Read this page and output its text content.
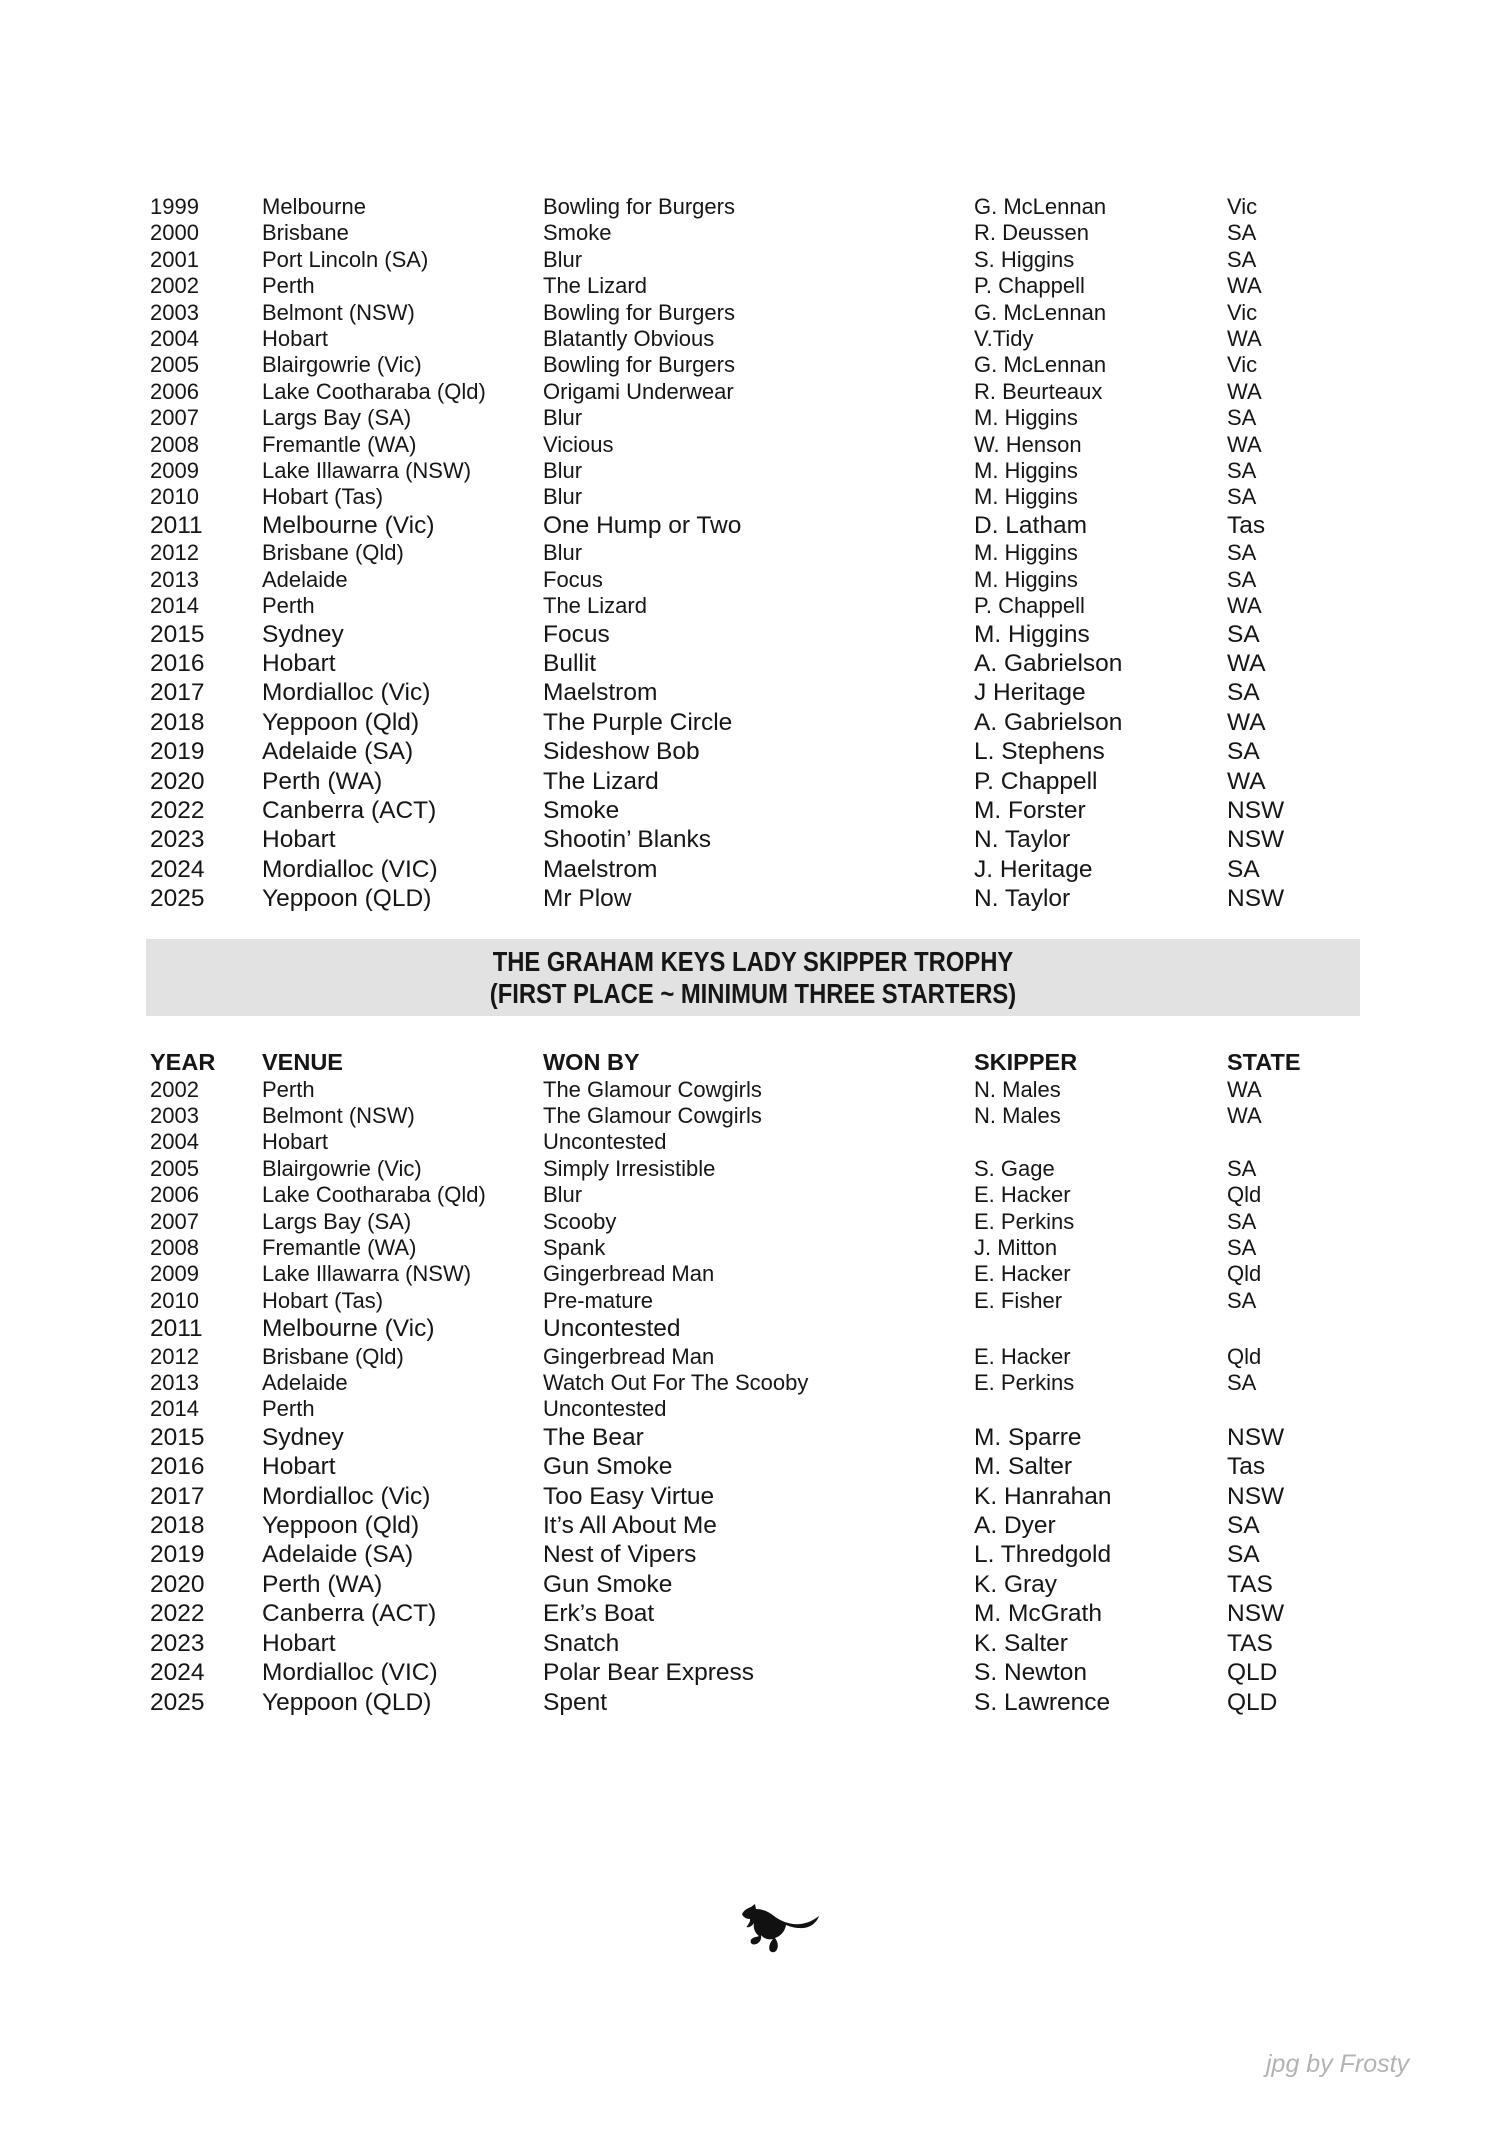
1999	Melbourne	Bowling for Burgers	G. McLennan	Vic
2000	Brisbane	Smoke	R. Deussen	SA
2001	Port Lincoln (SA)	Blur	S. Higgins	SA
2002	Perth	The Lizard	P. Chappell	WA
2003	Belmont (NSW)	Bowling for Burgers	G. McLennan	Vic
2004	Hobart	Blatantly Obvious	V.Tidy	WA
2005	Blairgowrie (Vic)	Bowling for Burgers	G. McLennan	Vic
2006	Lake Cootharaba (Qld)	Origami Underwear	R. Beurteaux	WA
2007	Largs Bay (SA)	Blur	M. Higgins	SA
2008	Fremantle (WA)	Vicious	W. Henson	WA
2009	Lake Illawarra (NSW)	Blur	M. Higgins	SA
2010	Hobart (Tas)	Blur	M. Higgins	SA
2011	Melbourne (Vic)	One Hump or Two	D. Latham	Tas
2012	Brisbane (Qld)	Blur	M. Higgins	SA
2013	Adelaide	Focus	M. Higgins	SA
2014	Perth	The Lizard	P. Chappell	WA
2015	Sydney	Focus	M. Higgins	SA
2016	Hobart	Bullit	A. Gabrielson	WA
2017	Mordialloc (Vic)	Maelstrom	J Heritage	SA
2018	Yeppoon (Qld)	The Purple Circle	A. Gabrielson	WA
2019	Adelaide (SA)	Sideshow Bob	L. Stephens	SA
2020	Perth (WA)	The Lizard	P. Chappell	WA
2022	Canberra (ACT)	Smoke	M. Forster	NSW
2023	Hobart	Shootin’ Blanks	N. Taylor	NSW
2024	Mordialloc (VIC)	Maelstrom	J. Heritage	SA
2025	Yeppoon (QLD)	Mr Plow	N. Taylor	NSW
THE GRAHAM KEYS LADY SKIPPER TROPHY
(FIRST PLACE ~ MINIMUM THREE STARTERS)
YEAR	VENUE	WON BY	SKIPPER	STATE
2002	Perth	The Glamour Cowgirls	N. Males	WA
2003	Belmont (NSW)	The Glamour Cowgirls	N. Males	WA
2004	Hobart	Uncontested
2005	Blairgowrie (Vic)	Simply Irresistible	S. Gage	SA
2006	Lake Cootharaba (Qld)	Blur	E. Hacker	Qld
2007	Largs Bay (SA)	Scooby	E. Perkins	SA
2008	Fremantle (WA)	Spank	J. Mitton	SA
2009	Lake Illawarra (NSW)	Gingerbread Man	E. Hacker	Qld
2010	Hobart (Tas)	Pre-mature	E. Fisher	SA
2011	Melbourne (Vic)	Uncontested
2012	Brisbane (Qld)	Gingerbread Man	E. Hacker	Qld
2013	Adelaide	Watch Out For The Scooby	E. Perkins	SA
2014	Perth	Uncontested
2015	Sydney	The Bear	M. Sparre	NSW
2016	Hobart	Gun Smoke	M. Salter	Tas
2017	Mordialloc (Vic)	Too Easy Virtue	K. Hanrahan	NSW
2018	Yeppoon (Qld)	It’s All About Me	A. Dyer	SA
2019	Adelaide (SA)	Nest of Vipers	L. Thredgold	SA
2020	Perth (WA)	Gun Smoke	K. Gray	TAS
2022	Canberra (ACT)	Erk’s Boat	M. McGrath	NSW
2023	Hobart	Snatch	K. Salter	TAS
2024	Mordialloc (VIC)	Polar Bear Express	S. Newton	QLD
2025	Yeppoon (QLD)	Spent	S. Lawrence	QLD
jpg by Frosty
